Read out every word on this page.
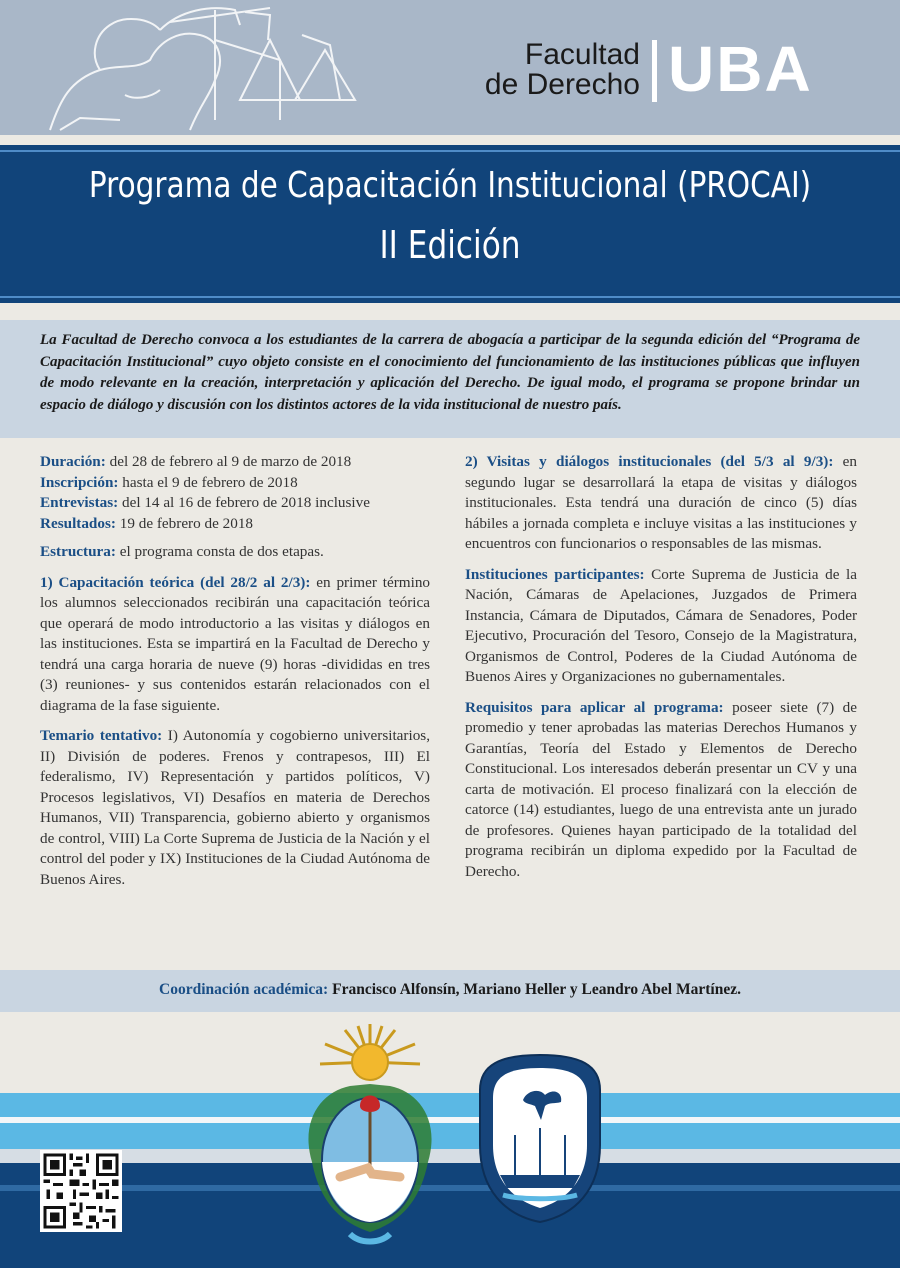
Facultad
de Derecho UBA
Programa de Capacitación Institucional (PROCAI)
II Edición
La Facultad de Derecho convoca a los estudiantes de la carrera de abogacía a participar de la segunda edición del “Programa de Capacitación Institucional” cuyo objeto consiste en el conocimiento del funcionamiento de las instituciones públicas que influyen de modo relevante en la creación, interpretación y aplicación del Derecho. De igual modo, el programa se propone brindar un espacio de diálogo y discusión con los distintos actores de la vida institucional de nuestro país.

Duración: del 28 de febrero al 9 de marzo de 2018
Inscripción: hasta el 9 de febrero de 2018
Entrevistas: del 14 al 16 de febrero de 2018 inclusive
Resultados: 19 de febrero de 2018

Estructura: el programa consta de dos etapas.

1) Capacitación teórica (del 28/2 al 2/3): en primer término los alumnos seleccionados recibirán una capacitación teórica que operará de modo introductorio a las visitas y diálogos en las instituciones. Esta se impartirá en la Facultad de Derecho y tendrá una carga horaria de nueve (9) horas -divididas en tres (3) reuniones- y sus contenidos estarán relacionados con el diagrama de la fase siguiente.

Temario tentativo: I) Autonomía y cogobierno universitarios, II) División de poderes. Frenos y contrapesos, III) El federalismo, IV) Representación y partidos políticos, V) Procesos legislativos, VI) Desafíos en materia de Derechos Humanos, VII) Transparencia, gobierno abierto y organismos de control, VIII) La Corte Suprema de Justicia de la Nación y el control del poder y IX) Instituciones de la Ciudad Autónoma de Buenos Aires.

2) Visitas y diálogos institucionales (del 5/3 al 9/3): en segundo lugar se desarrollará la etapa de visitas y diálogos institucionales. Esta tendrá una duración de cinco (5) días hábiles a jornada completa e incluye visitas a las instituciones y encuentros con funcionarios o responsables de las mismas.

Instituciones participantes: Corte Suprema de Justicia de la Nación, Cámaras de Apelaciones, Juzgados de Primera Instancia, Cámara de Diputados, Cámara de Senadores, Poder Ejecutivo, Procuración del Tesoro, Consejo de la Magistratura, Organismos de Control, Poderes de la Ciudad Autónoma de Buenos Aires y Organizaciones no gubernamentales.

Requisitos para aplicar al programa: poseer siete (7) de promedio y tener aprobadas las materias Derechos Humanos y Garantías, Teoría del Estado y Elementos de Derecho Constitucional. Los interesados deberán presentar un CV y una carta de motivación. El proceso finalizará con la elección de catorce (14) estudiantes, luego de una entrevista ante un jurado de profesores. Quienes hayan participado de la totalidad del programa recibirán un diploma expedido por la Facultad de Derecho.

Coordinación académica: Francisco Alfonsín, Mariano Heller y Leandro Abel Martínez.
